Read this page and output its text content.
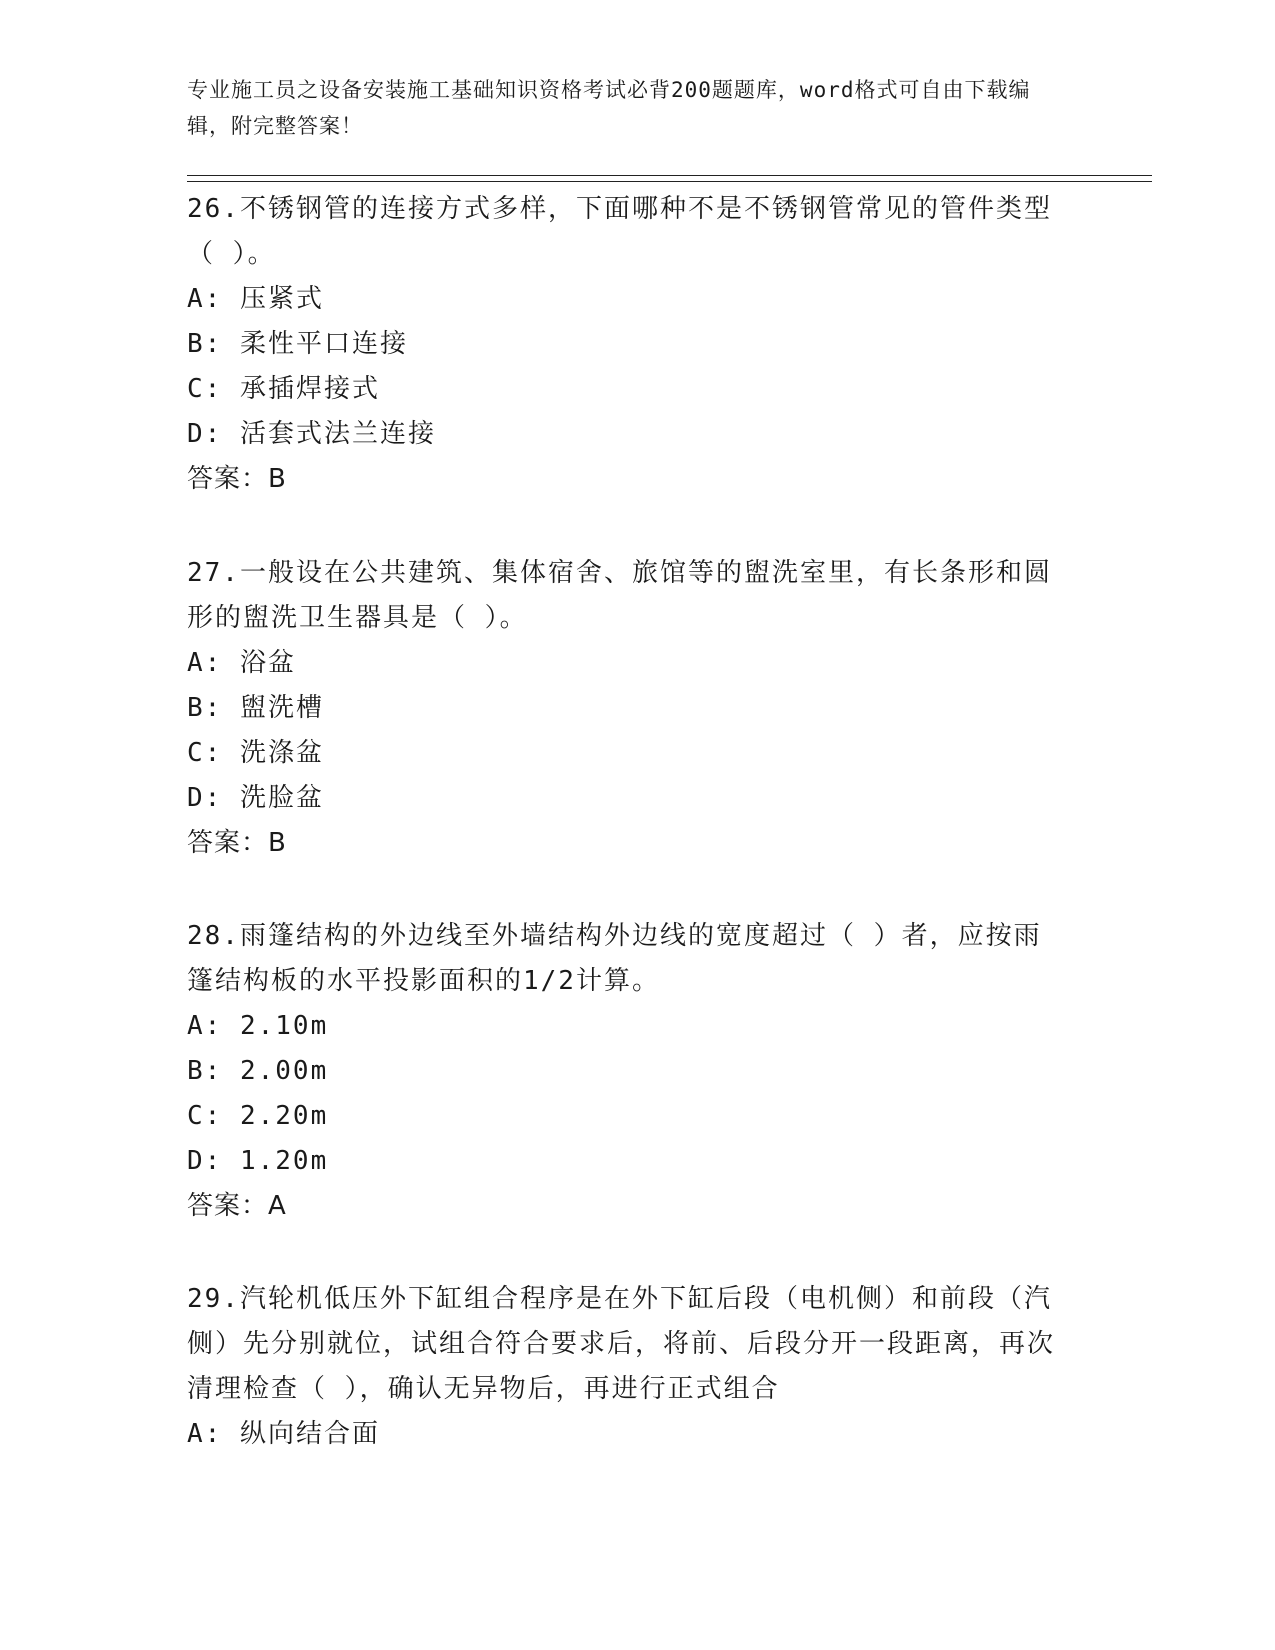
专业施工员之设备安装施工基础知识资格考试必背200题题库，word格式可自由下载编辑，附完整答案！

26.不锈钢管的连接方式多样，下面哪种不是不锈钢管常见的管件类型（ ）。

A: 压紧式

B: 柔性平口连接

C: 承插焊接式

D: 活套式法兰连接

答案：B

27.一般设在公共建筑、集体宿舍、旅馆等的盥洗室里，有长条形和圆形的盥洗卫生器具是（ ）。

A: 浴盆

B: 盥洗槽

C: 洗涤盆

D: 洗脸盆

答案：B

28.雨篷结构的外边线至外墙结构外边线的宽度超过（ ）者，应按雨篷结构板的水平投影面积的1/2计算。

A: 2.10m

B: 2.00m

C: 2.20m

D: 1.20m

答案：A

29.汽轮机低压外下缸组合程序是在外下缸后段（电机侧）和前段（汽侧）先分别就位，试组合符合要求后，将前、后段分开一段距离，再次清理检查（ ），确认无异物后，再进行正式组合

A: 纵向结合面
